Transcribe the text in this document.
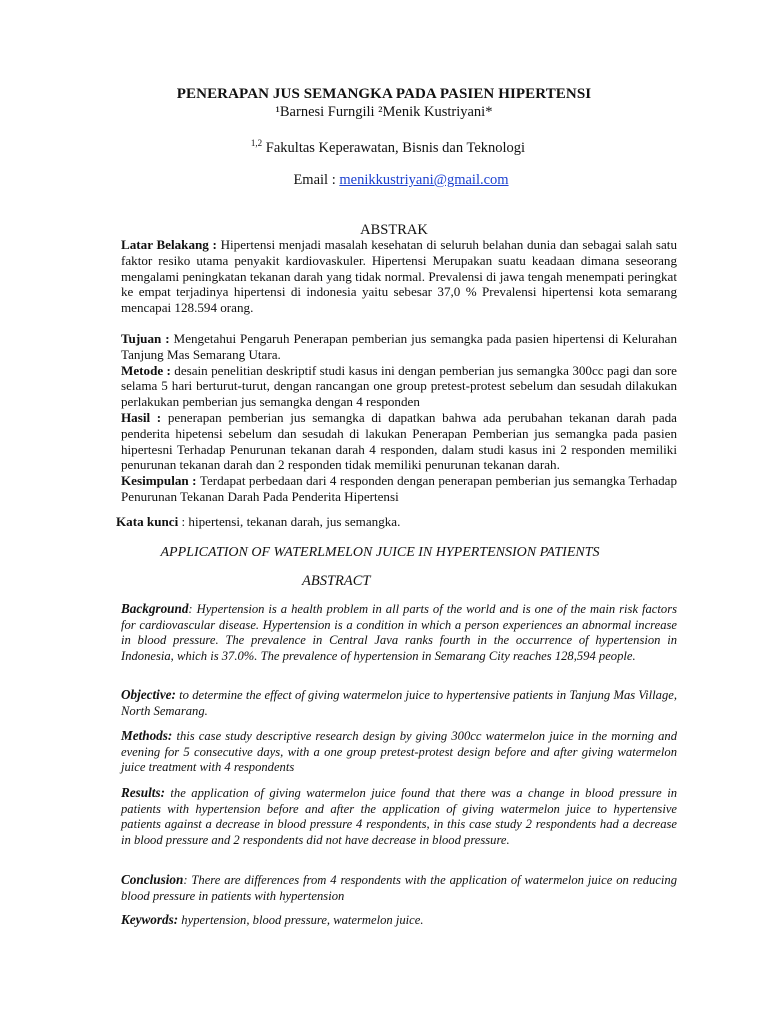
PENERAPAN JUS SEMANGKA PADA PASIEN HIPERTENSI
¹Barnesi Furngili ²Menik Kustriyani*
$^{1,2}$ Fakultas Keperawatan, Bisnis dan Teknologi
Email : menikkustriyani@gmail.com
ABSTRAK
Latar Belakang : Hipertensi menjadi masalah kesehatan di seluruh belahan dunia dan sebagai salah satu faktor resiko utama penyakit kardiovaskuler. Hipertensi Merupakan suatu keadaan dimana seseorang mengalami peningkatan tekanan darah yang tidak normal. Prevalensi di jawa tengah menempati peringkat ke empat terjadinya hipertensi di indonesia yaitu sebesar 37,0 % Prevalensi hipertensi kota semarang mencapai 128.594 orang.
Tujuan : Mengetahui Pengaruh Penerapan pemberian jus semangka pada pasien hipertensi di Kelurahan Tanjung Mas Semarang Utara.
Metode : desain penelitian deskriptif studi kasus ini dengan pemberian jus semangka 300cc pagi dan sore selama 5 hari berturut-turut, dengan rancangan one group pretest-protest sebelum dan sesudah dilakukan perlakukan pemberian jus semangka dengan 4 responden
Hasil : penerapan pemberian jus semangka di dapatkan bahwa ada perubahan tekanan darah pada penderita hipetensi sebelum dan sesudah di lakukan Penerapan Pemberian jus semangka pada pasien hipertesni Terhadap Penurunan tekanan darah 4 responden, dalam studi kasus ini 2 responden memiliki penurunan tekanan darah dan 2 responden tidak memiliki penurunan tekanan darah.
Kesimpulan : Terdapat perbedaan dari 4 responden dengan penerapan pemberian jus semangka Terhadap Penurunan Tekanan Darah Pada Penderita Hipertensi
Kata kunci : hipertensi, tekanan darah, jus semangka.
APPLICATION OF WATERLMELON JUICE IN HYPERTENSION PATIENTS
ABSTRACT
Background: Hypertension is a health problem in all parts of the world and is one of the main risk factors for cardiovascular disease. Hypertension is a condition in which a person experiences an abnormal increase in blood pressure. The prevalence in Central Java ranks fourth in the occurrence of hypertension in Indonesia, which is 37.0%. The prevalence of hypertension in Semarang City reaches 128,594 people.
Objective: to determine the effect of giving watermelon juice to hypertensive patients in Tanjung Mas Village, North Semarang.
Methods: this case study descriptive research design by giving 300cc watermelon juice in the morning and evening for 5 consecutive days, with a one group pretest-protest design before and after giving watermelon juice treatment with 4 respondents
Results: the application of giving watermelon juice found that there was a change in blood pressure in patients with hypertension before and after the application of giving watermelon juice to hypertensive patients against a decrease in blood pressure 4 respondents, in this case study 2 respondents had a decrease in blood pressure and 2 respondents did not have decrease in blood pressure.
Conclusion: There are differences from 4 respondents with the application of watermelon juice on reducing blood pressure in patients with hypertension
Keywords: hypertension, blood pressure, watermelon juice.
